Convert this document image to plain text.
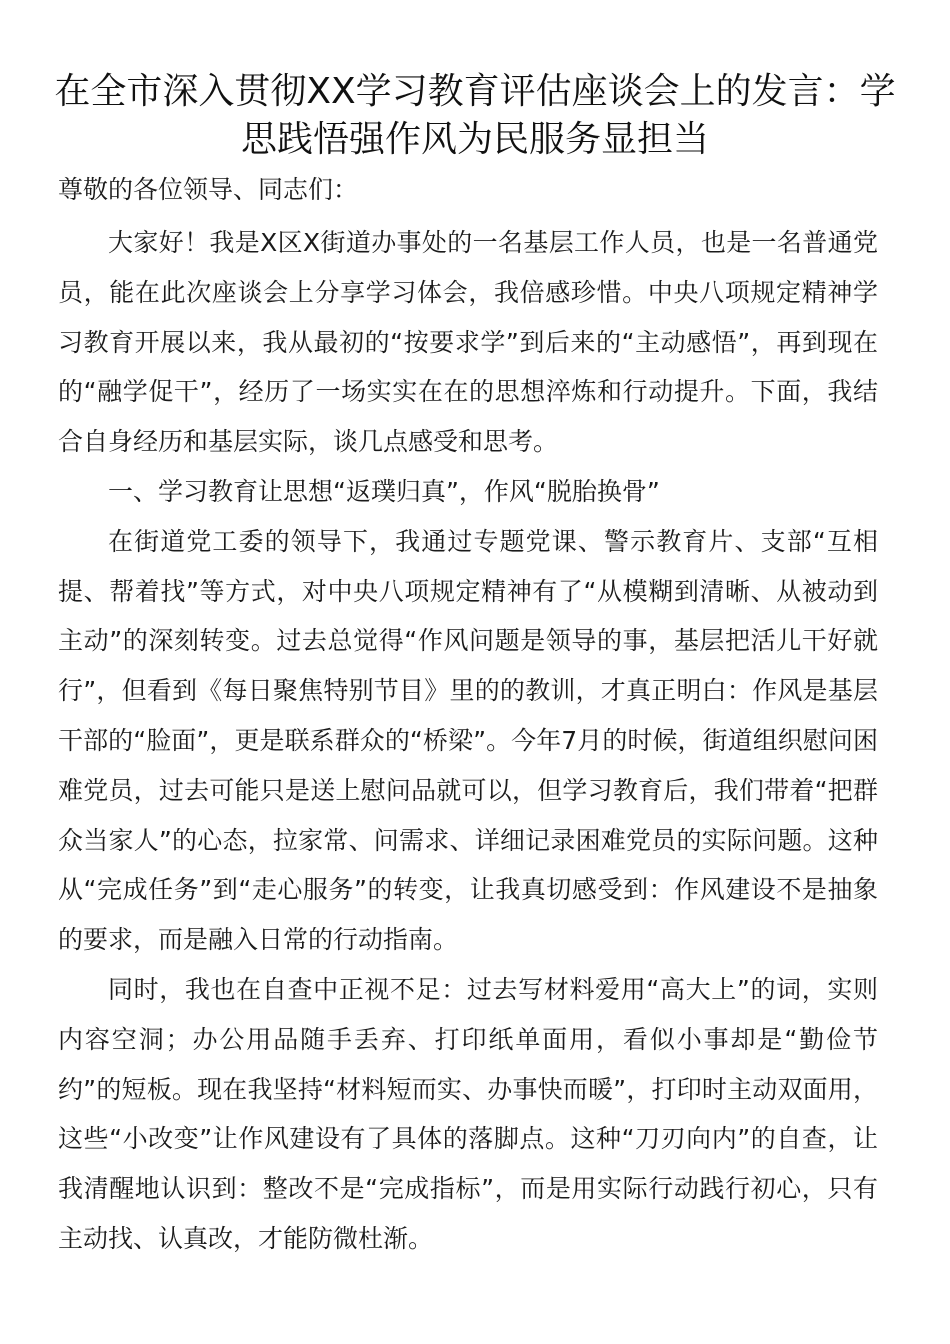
在全市深入贯彻XX学习教育评估座谈会上的发言：学思践悟强作风为民服务显担当

尊敬的各位领导、同志们：

大家好！我是X区X街道办事处的一名基层工作人员，也是一名普通党员，能在此次座谈会上分享学习体会，我倍感珍惜。中央八项规定精神学习教育开展以来，我从最初的“按要求学”到后来的“主动感悟”，再到现在的“融学促干”，经历了一场实实在在的思想淬炼和行动提升。下面，我结合自身经历和基层实际，谈几点感受和思考。

一、学习教育让思想“返璞归真”，作风“脱胎换骨”

在街道党工委的领导下，我通过专题党课、警示教育片、支部“互相提、帮着找”等方式，对中央八项规定精神有了“从模糊到清晰、从被动到主动”的深刻转变。过去总觉得“作风问题是领导的事，基层把活儿干好就行”，但看到《每日聚焦特别节目》里的的教训，才真正明白：作风是基层干部的“脸面”，更是联系群众的“桥梁”。今年7月的时候，街道组织慰问困难党员，过去可能只是送上慰问品就可以，但学习教育后，我们带着“把群众当家人”的心态，拉家常、问需求、详细记录困难党员的实际问题。这种从“完成任务”到“走心服务”的转变，让我真切感受到：作风建设不是抽象的要求，而是融入日常的行动指南。

同时，我也在自查中正视不足：过去写材料爱用“高大上”的词，实则内容空洞；办公用品随手丢弃、打印纸单面用，看似小事却是“勤俭节约”的短板。现在我坚持“材料短而实、办事快而暖”，打印时主动双面用，这些“小改变”让作风建设有了具体的落脚点。这种“刀刃向内”的自查，让我清醒地认识到：整改不是“完成指标”，而是用实际行动践行初心，只有主动找、认真改，才能防微杜渐。
